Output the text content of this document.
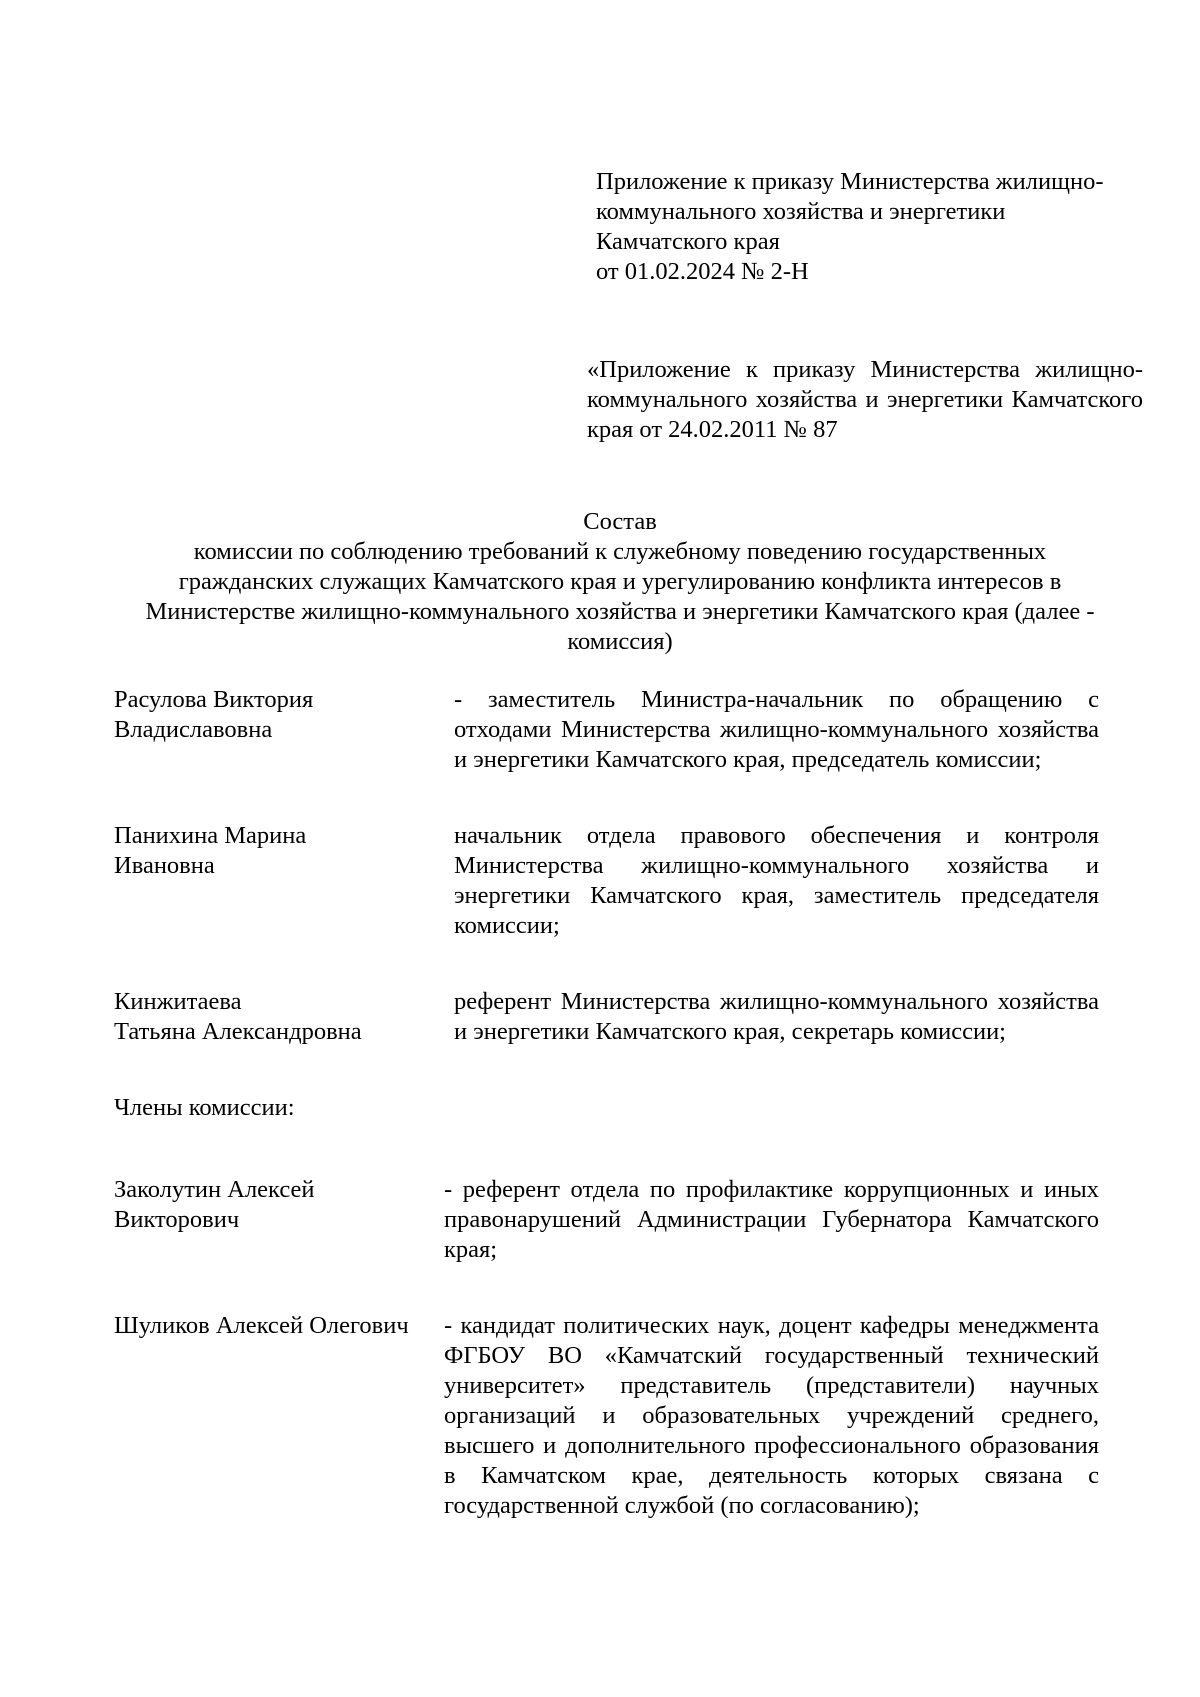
Приложение к приказу Министерства жилищно-

коммунального хозяйства и энергетики

Камчатского края

от 01.02.2024 № 2-Н

«Приложение к приказу Министерства жилищно-коммунального хозяйства и энергетики Камчатского края от 24.02.2011 № 87

Состав

комиссии по соблюдению требований к служебному поведению государственных

гражданских служащих Камчатского края и урегулированию конфликта интересов в

Министерстве жилищно-коммунального хозяйства и энергетики Камчатского края (далее -

комиссия)

Расулова Виктория
Владиславовна
- заместитель Министра-начальник по обращению с отходами Министерства жилищно-коммунального хозяйства и энергетики Камчатского края, председатель комиссии;
Панихина Марина
Ивановна
начальник отдела правового обеспечения и контроля Министерства жилищно-коммунального хозяйства и энергетики Камчатского края, заместитель председателя комиссии;
Кинжитаева
Татьяна Александровна
референт Министерства жилищно-коммунального хозяйства и энергетики Камчатского края, секретарь комиссии;

Члены комиссии:

Заколутин Алексей
Викторович
- референт отдела по профилактике коррупционных и иных правонарушений Администрации Губернатора Камчатского края;
Шуликов Алексей Олегович	- кандидат политических наук, доцент кафедры менеджмента ФГБОУ ВО «Камчатский государственный технический университет» представитель (представители) научных организаций и образовательных учреждений среднего, высшего и дополнительного профессионального образования в Камчатском крае, деятельность которых связана с государственной службой (по согласованию);
